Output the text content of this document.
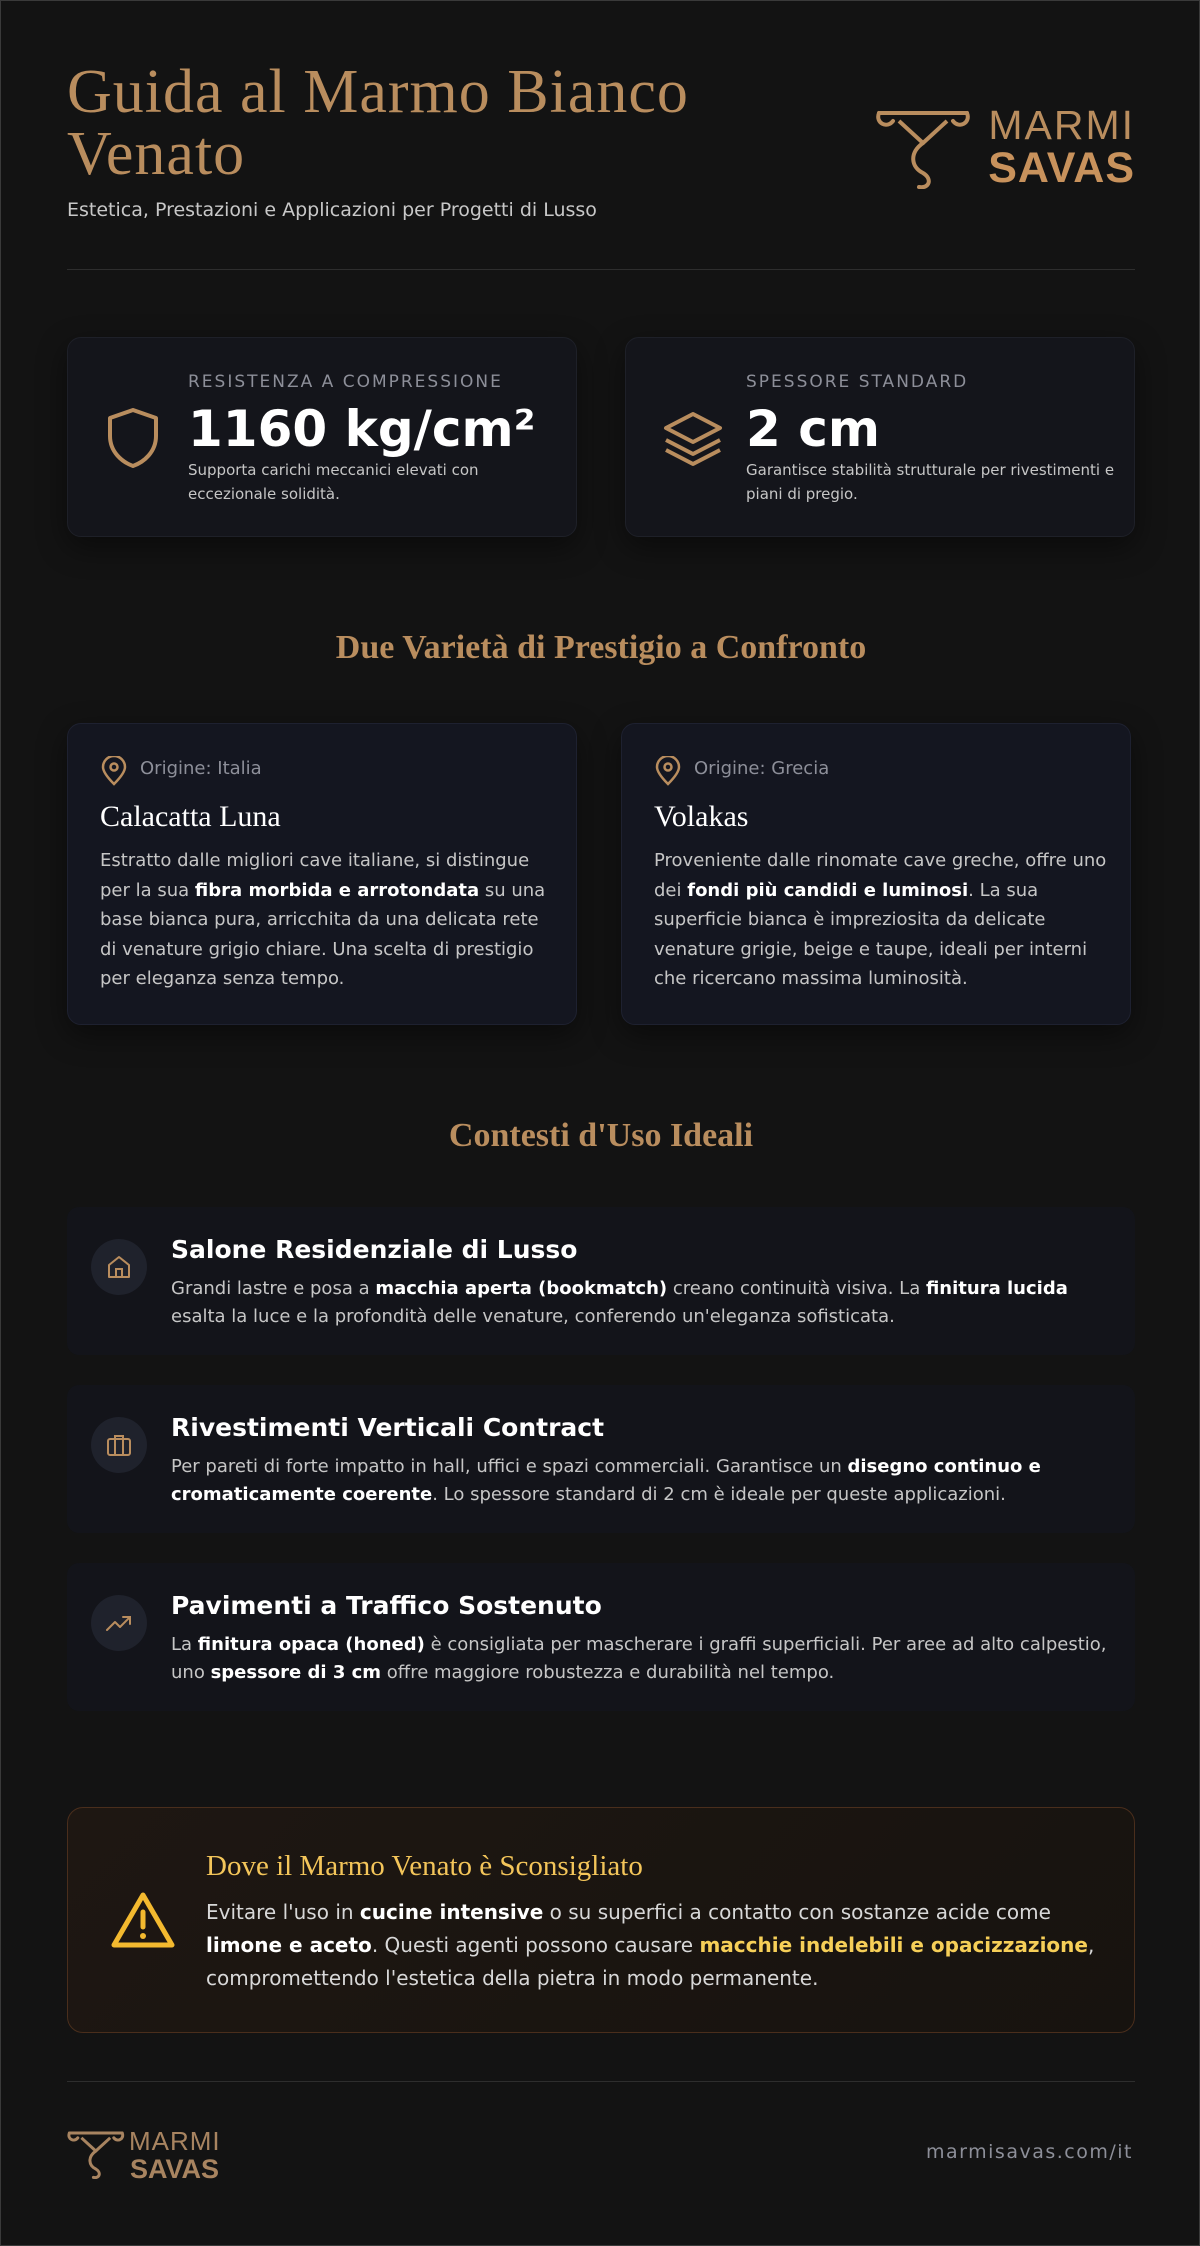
Guida al Marmo Bianco Venato
Estetica, Prestazioni e Applicazioni per Progetti di Lusso
MARMI
SAVAS
RESISTENZA A COMPRESSIONE
1160 kg/cm²
Supporta carichi meccanici elevati con eccezionale solidità.
SPESSORE STANDARD
2 cm
Garantisce stabilità strutturale per rivestimenti e piani di pregio.
Due Varietà di Prestigio a Confronto
Origine: Italia
Calacatta Luna

Estratto dalle migliori cave italiane, si distingue per la sua fibra morbida e arrotondata su una base bianca pura, arricchita da una delicata rete di venature grigio chiare. Una scelta di prestigio per eleganza senza tempo.

Origine: Grecia
Volakas

Proveniente dalle rinomate cave greche, offre uno dei fondi più candidi e luminosi. La sua superficie bianca è impreziosita da delicate venature grigie, beige e taupe, ideali per interni che ricercano massima luminosità.

Contesti d'Uso Ideali
Salone Residenziale di Lusso

Grandi lastre e posa a macchia aperta (bookmatch) creano continuità visiva. La finitura lucida esalta la luce e la profondità delle venature, conferendo un'eleganza sofisticata.

Rivestimenti Verticali Contract

Per pareti di forte impatto in hall, uffici e spazi commerciali. Garantisce un disegno continuo e cromaticamente coerente. Lo spessore standard di 2 cm è ideale per queste applicazioni.

Pavimenti a Traffico Sostenuto

La finitura opaca (honed) è consigliata per mascherare i graffi superficiali. Per aree ad alto calpestio, uno spessore di 3 cm offre maggiore robustezza e durabilità nel tempo.

Dove il Marmo Venato è Sconsigliato

Evitare l'uso in cucine intensive o su superfici a contatto con sostanze acide come limone e aceto. Questi agenti possono causare macchie indelebili e opacizzazione, compromettendo l'estetica della pietra in modo permanente.

MARMI
SAVAS
marmisavas.com/it
